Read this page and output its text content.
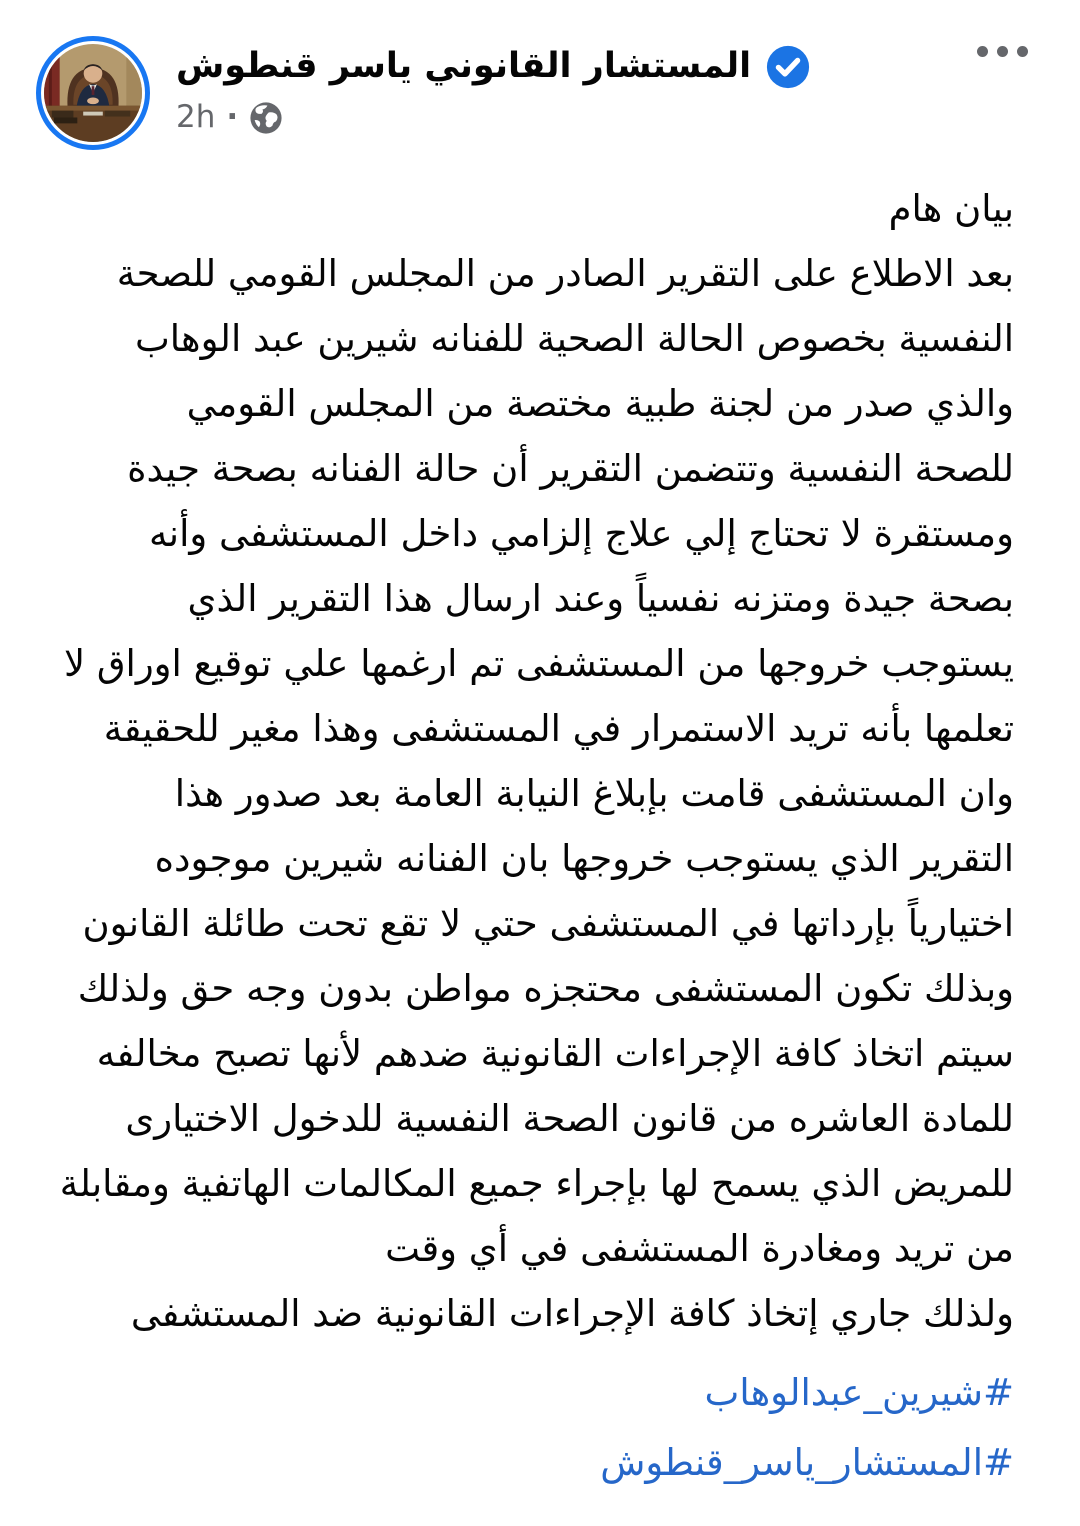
المستشار القانوني ياسر قنطوش
2h ·
بيان هام
بعد الاطلاع على التقرير الصادر من المجلس القومي للصحة
النفسية بخصوص الحالة الصحية للفنانه شيرين عبد الوهاب
والذي صدر من لجنة طبية مختصة من المجلس القومي
للصحة النفسية وتتضمن التقرير أن حالة الفنانه بصحة جيدة
ومستقرة لا تحتاج إلي علاج إلزامي داخل المستشفى وأنه
بصحة جيدة ومتزنه نفسياً وعند ارسال هذا التقرير الذي
يستوجب خروجها من المستشفى تم ارغمها علي توقيع اوراق لا
تعلمها بأنه تريد الاستمرار في المستشفى وهذا مغير للحقيقة
وان المستشفى قامت بإبلاغ النيابة العامة بعد صدور هذا
التقرير الذي يستوجب خروجها بان الفنانه شيرين موجوده
اختيارياً بإرداتها في المستشفى حتي لا تقع تحت طائلة القانون
وبذلك تكون المستشفى محتجزه مواطن بدون وجه حق ولذلك
سيتم اتخاذ كافة الإجراءات القانونية ضدهم لأنها تصبح مخالفه
للمادة العاشره من قانون الصحة النفسية للدخول الاختيارى
للمريض الذي يسمح لها بإجراء جميع المكالمات الهاتفية ومقابلة
من تريد ومغادرة المستشفى في أي وقت
ولذلك جاري إتخاذ كافة الإجراءات القانونية ضد المستشفى
#شيرين_عبدالوهاب
#المستشار_ياسر_قنطوش
